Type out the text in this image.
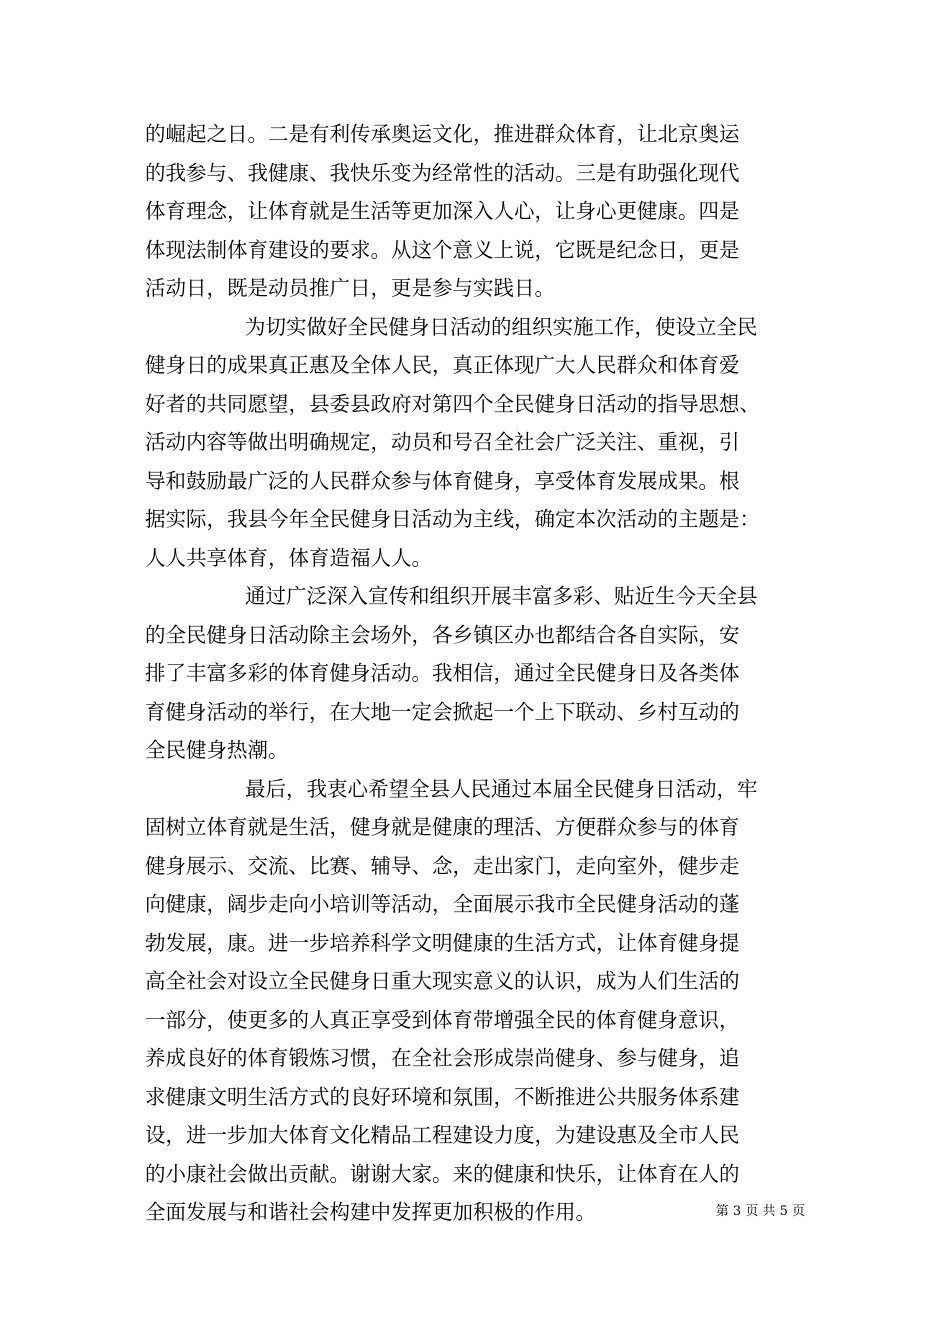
的崛起之日。二是有利传承奥运文化，推进群众体育，让北京奥运
的我参与、我健康、我快乐变为经常性的活动。三是有助强化现代
体育理念，让体育就是生活等更加深入人心，让身心更健康。四是
体现法制体育建设的要求。从这个意义上说，它既是纪念日，更是
活动日，既是动员推广日，更是参与实践日。
为切实做好全民健身日活动的组织实施工作，使设立全民
健身日的成果真正惠及全体人民，真正体现广大人民群众和体育爱
好者的共同愿望，县委县政府对第四个全民健身日活动的指导思想、
活动内容等做出明确规定，动员和号召全社会广泛关注、重视，引
导和鼓励最广泛的人民群众参与体育健身，享受体育发展成果。根
据实际，我县今年全民健身日活动为主线，确定本次活动的主题是：
人人共享体育，体育造福人人。
通过广泛深入宣传和组织开展丰富多彩、贴近生今天全县
的全民健身日活动除主会场外，各乡镇区办也都结合各自实际，安
排了丰富多彩的体育健身活动。我相信，通过全民健身日及各类体
育健身活动的举行，在大地一定会掀起一个上下联动、乡村互动的
全民健身热潮。
最后，我衷心希望全县人民通过本届全民健身日活动，牢
固树立体育就是生活，健身就是健康的理活、方便群众参与的体育
健身展示、交流、比赛、辅导、念，走出家门，走向室外，健步走
向健康，阔步走向小培训等活动，全面展示我市全民健身活动的蓬
勃发展，康。进一步培养科学文明健康的生活方式，让体育健身提
高全社会对设立全民健身日重大现实意义的认识，成为人们生活的
一部分，使更多的人真正享受到体育带增强全民的体育健身意识，
养成良好的体育锻炼习惯，在全社会形成崇尚健身、参与健身，追
求健康文明生活方式的良好环境和氛围，不断推进公共服务体系建
设，进一步加大体育文化精品工程建设力度，为建设惠及全市人民
的小康社会做出贡献。谢谢大家。来的健康和快乐，让体育在人的
全面发展与和谐社会构建中发挥更加积极的作用。	第 3 页 共 5 页
